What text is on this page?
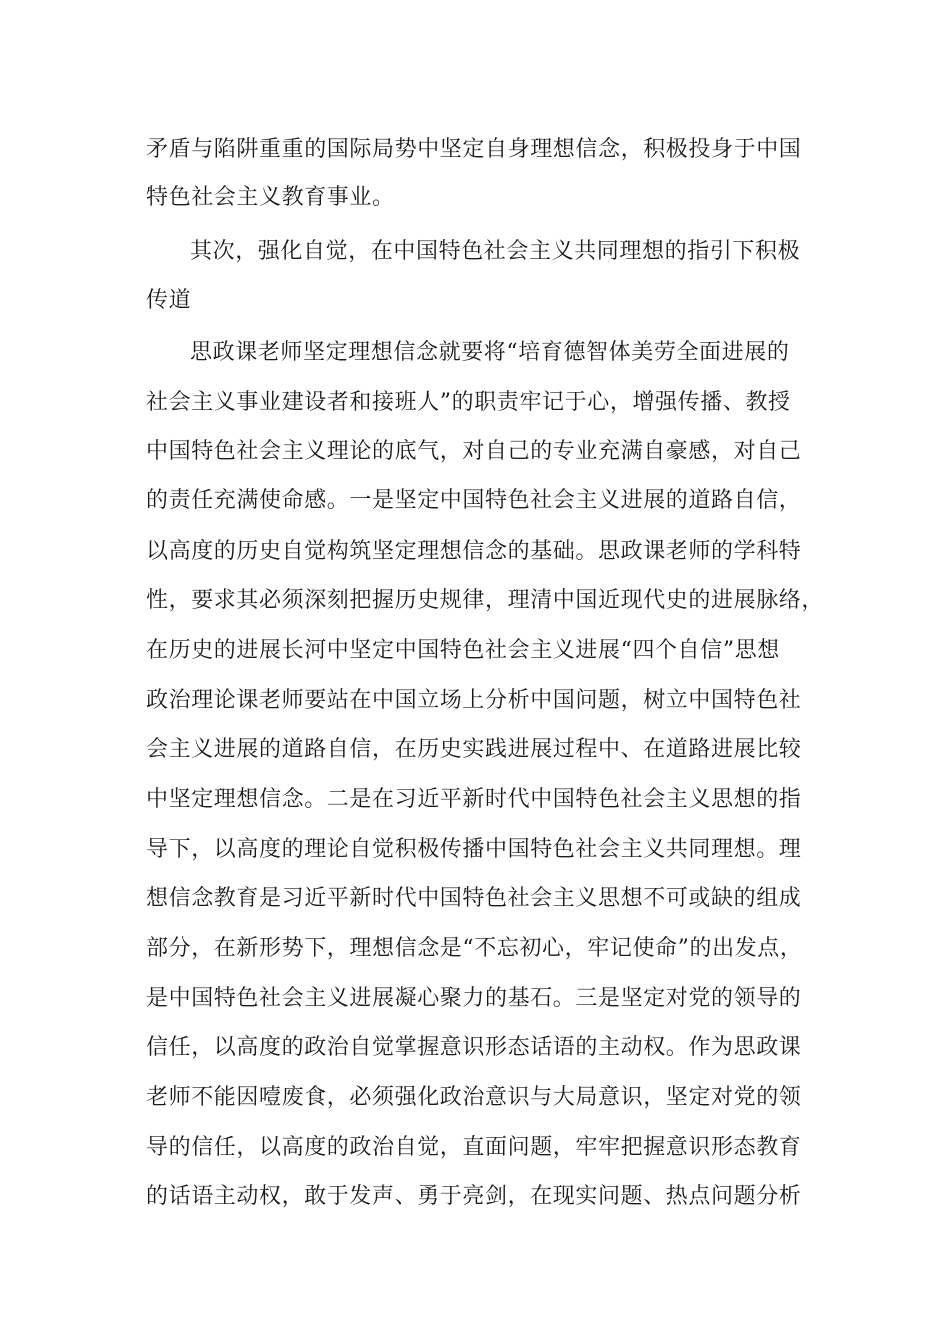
矛盾与陷阱重重的国际局势中坚定自身理想信念，积极投身于中国
特色社会主义教育事业。
其次，强化自觉，在中国特色社会主义共同理想的指引下积极
传道
思政课老师坚定理想信念就要将“培育德智体美劳全面进展的
社会主义事业建设者和接班人”的职责牢记于心，增强传播、教授
中国特色社会主义理论的底气，对自己的专业充满自豪感，对自己
的责任充满使命感。一是坚定中国特色社会主义进展的道路自信，
以高度的历史自觉构筑坚定理想信念的基础。思政课老师的学科特
性，要求其必须深刻把握历史规律，理清中国近现代史的进展脉络，
在历史的进展长河中坚定中国特色社会主义进展“四个自信”思想
政治理论课老师要站在中国立场上分析中国问题，树立中国特色社
会主义进展的道路自信，在历史实践进展过程中、在道路进展比较
中坚定理想信念。二是在习近平新时代中国特色社会主义思想的指
导下，以高度的理论自觉积极传播中国特色社会主义共同理想。理
想信念教育是习近平新时代中国特色社会主义思想不可或缺的组成
部分，在新形势下，理想信念是“不忘初心，牢记使命”的出发点，
是中国特色社会主义进展凝心聚力的基石。三是坚定对党的领导的
信任，以高度的政治自觉掌握意识形态话语的主动权。作为思政课
老师不能因噎废食，必须强化政治意识与大局意识，坚定对党的领
导的信任，以高度的政治自觉，直面问题，牢牢把握意识形态教育
的话语主动权，敢于发声、勇于亮剑，在现实问题、热点问题分析
